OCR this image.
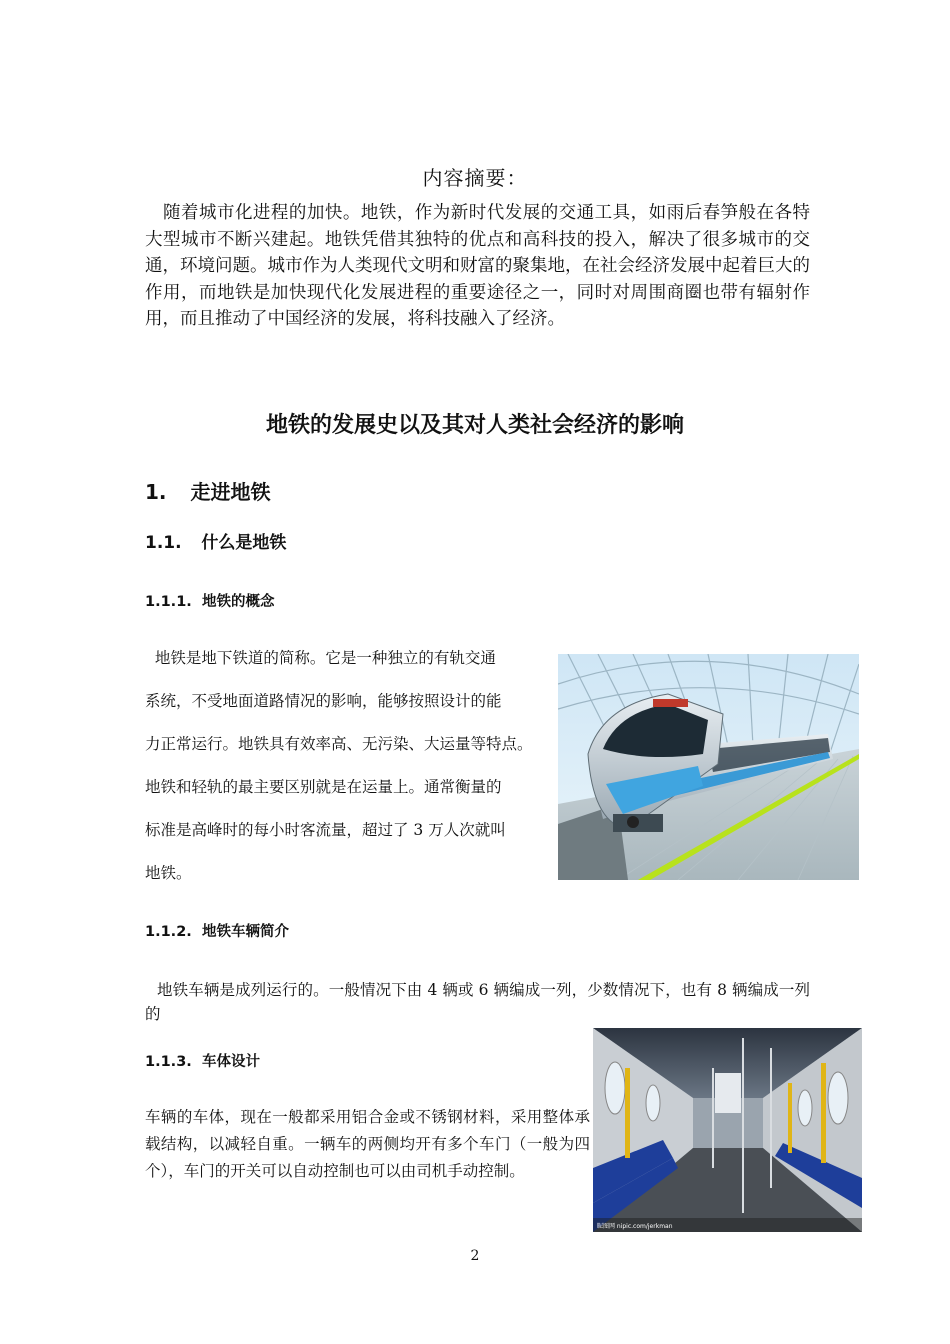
内容摘要：
随着城市化进程的加快。地铁，作为新时代发展的交通工具，如雨后春笋般在各特大型城市不断兴建起。地铁凭借其独特的优点和高科技的投入，解决了很多城市的交通，环境问题。城市作为人类现代文明和财富的聚集地，在社会经济发展中起着巨大的作用，而地铁是加快现代化发展进程的重要途径之一，同时对周围商圈也带有辐射作用，而且推动了中国经济的发展，将科技融入了经济。
地铁的发展史以及其对人类社会经济的影响
1. 走进地铁
1.1. 什么是地铁
1.1.1. 地铁的概念
地铁是地下铁道的简称。它是一种独立的有轨交通
系统，不受地面道路情况的影响，能够按照设计的能
力正常运行。地铁具有效率高、无污染、大运量等特点。
地铁和轻轨的最主要区别就是在运量上。通常衡量的
标准是高峰时的每小时客流量，超过了 3 万人次就叫
地铁。
1.1.2. 地铁车辆简介
地铁车辆是成列运行的。一般情况下由 4 辆或 6 辆编成一列，少数情况下，也有 8 辆编成一列的
1.1.3. 车体设计
车辆的车体，现在一般都采用铝合金或不锈钢材料，采用整体承载结构，以减轻自重。一辆车的两侧均开有多个车门（一般为四个），车门的开关可以自动控制也可以由司机手动控制。
昵图网 nipic.com/jerkman
2
